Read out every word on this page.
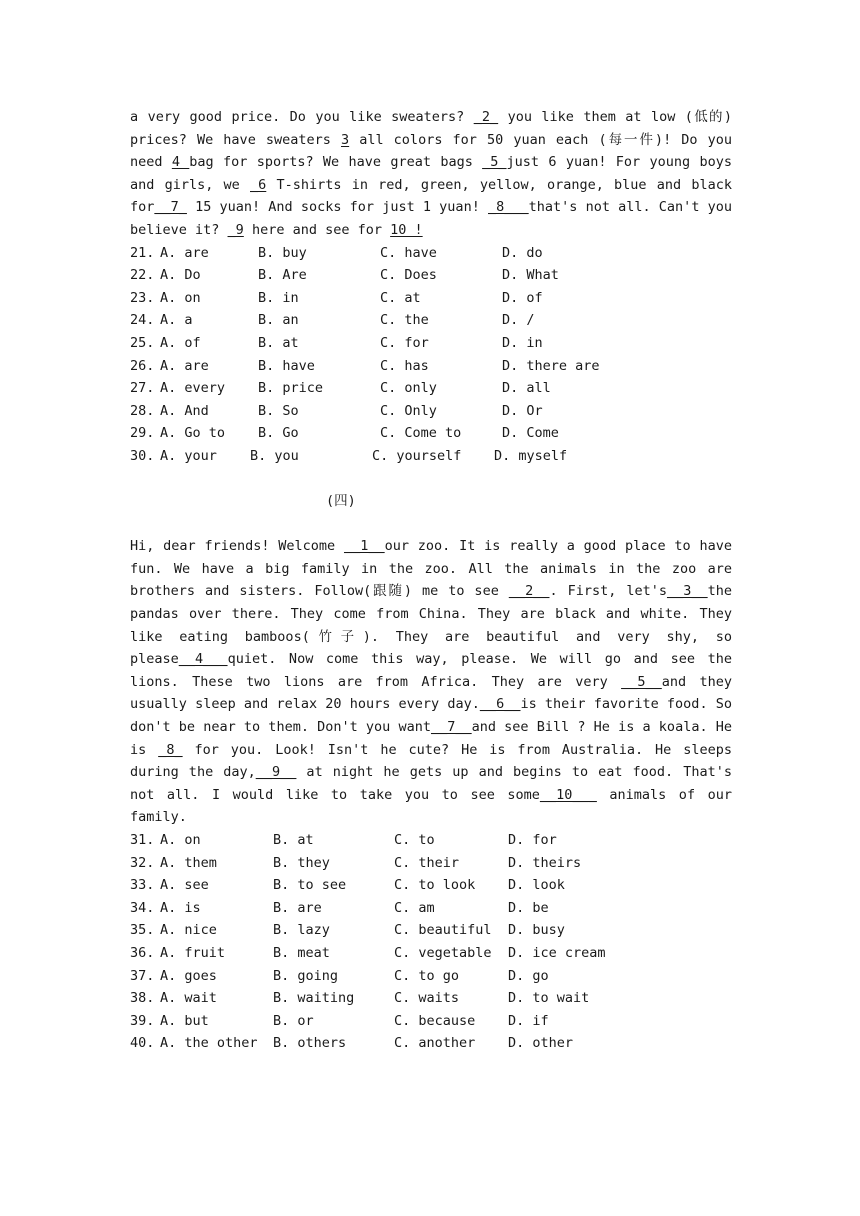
a very good price. Do you like sweaters? _2_ you like them at low (低的) prices? We have sweaters 3 all colors for 50 yuan each (每一件)! Do you need 4 bag for sports? We have great bags _5_just 6 yuan! For young boys and girls, we _6 T-shirts in red, green, yellow, orange, blue and black for__7_ 15 yuan! And socks for just 1 yuan! _8___that's not all. Can't you believe it? _9 here and see for 10 !

21. A. are	B. buy	C. have	D. do
22. A. Do	B. Are	C. Does	D. What
23. A. on	B. in	C. at	D. of
24. A. a	B. an	C. the	D. /
25. A. of	B. at	C. for	D. in
26. A. are	B. have	C. has	D. there are
27. A. every B. price	C. only	D. all
28. A. And	B. So	C. Only	D. Or
29. A. Go to B. Go	C. Come to	D. Come
30. A. your B. you	C. yourself D. myself
(四)

Hi, dear friends! Welcome __1__our zoo. It is really a good place to have fun. We have a big family in the zoo. All the animals in the zoo are brothers and sisters. Follow(跟随) me to see __2__. First, let's__3__the pandas over there. They come from China. They are black and white. They like eating bamboos(竹子). They are beautiful and very shy, so please__4___quiet. Now come this way, please. We will go and see the lions. These two lions are from Africa. They are very __5__and they usually sleep and relax 20 hours every day.__6__is their favorite food. So don't be near to them. Don't you want__7__and see Bill ? He is a koala. He is _8_ for you. Look! Isn't he cute? He is from Australia. He sleeps during the day,__9__ at night he gets up and begins to eat food. That's not all. I would like to take you to see some__10___ animals of our family.

31. A. on	B. at	C. to	D. for
32. A. them	B. they	C. their	D. theirs
33. A. see	B. to see	C. to look D. look
34. A. is	B. are	C. am	D. be
35. A. nice	B. lazy	C. beautiful D. busy
36. A. fruit	B. meat	C. vegetable D. ice cream
37. A. goes	B. going	C. to go	D. go
38. A. wait	B. waiting	C. waits	D. to wait
39. A. but	B. or	C. because D. if
40. A. the other B. others	C. another D. other
